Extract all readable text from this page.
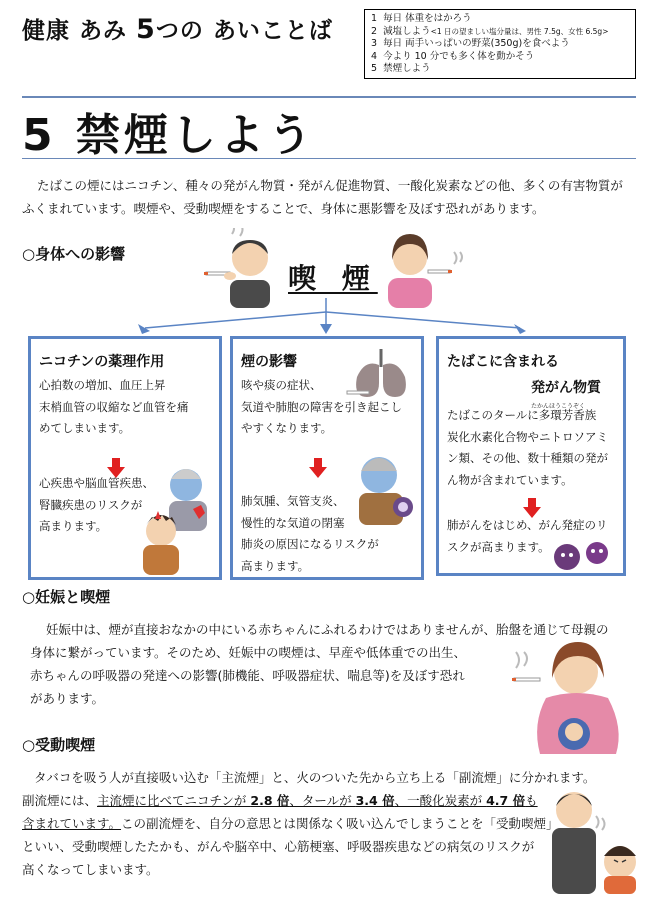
健康 あみ 5つの あいことば	1 毎日 体重をはかろう
2 減塩しよう<1 日の望ましい塩分量は、男性 7.5g、女性 6.5g>
3 毎日 両手いっぱいの野菜(350g)を食べよう
4 今より 10 分でも多く体を動かそう
5 禁煙しよう
5 禁煙しよう
たばこの煙にはニコチン、種々の発がん物質・発がん促進物質、一酸化炭素などの他、多くの有害物質がふくまれています。喫煙や、受動喫煙をすることで、身体に悪影響を及ぼす恐れがあります。
○身体への影響
喫 煙
ニコチンの薬理作用
心拍数の増加、血圧上昇
末梢血管の収縮など血管を痛
めてしまいます。
心疾患や脳血管疾患、
腎臓疾患のリスクが
高まります。
煙の影響
咳や痰の症状、
気道や肺胞の障害を引き起こし
やすくなります。
肺気腫、気管支炎、
慢性的な気道の閉塞
肺炎の原因になるリスクが
高まります。
たばこに含まれる
発がん物質
たかんほうこうぞく
たばこのタールに多環芳香族
炭化水素化合物やニトロソアミ
ン類、その他、数十種類の発が
ん物が含まれています。
肺がんをはじめ、がん発症のリ
スクが高まります。
○妊娠と喫煙
妊娠中は、煙が直接おなかの中にいる赤ちゃんにふれるわけではありませんが、胎盤を通じて母親の
身体に繋がっています。そのため、妊娠中の喫煙は、早産や低体重での出生、
赤ちゃんの呼吸器の発達への影響(肺機能、呼吸器症状、喘息等)を及ぼす恐れ
があります。
○受動喫煙
タバコを吸う人が直接吸い込む「主流煙」と、火のついた先から立ち上る「副流煙」に分かれます。
副流煙には、主流煙に比べてニコチンが 2.8 倍、タールが 3.4 倍、一酸化炭素が 4.7 倍も
含まれています。この副流煙を、自分の意思とは関係なく吸い込んでしまうことを「受動喫煙」
といい、受動喫煙したたかも、がんや脳卒中、心筋梗塞、呼吸器疾患などの病気のリスクが
高くなってしまいます。
